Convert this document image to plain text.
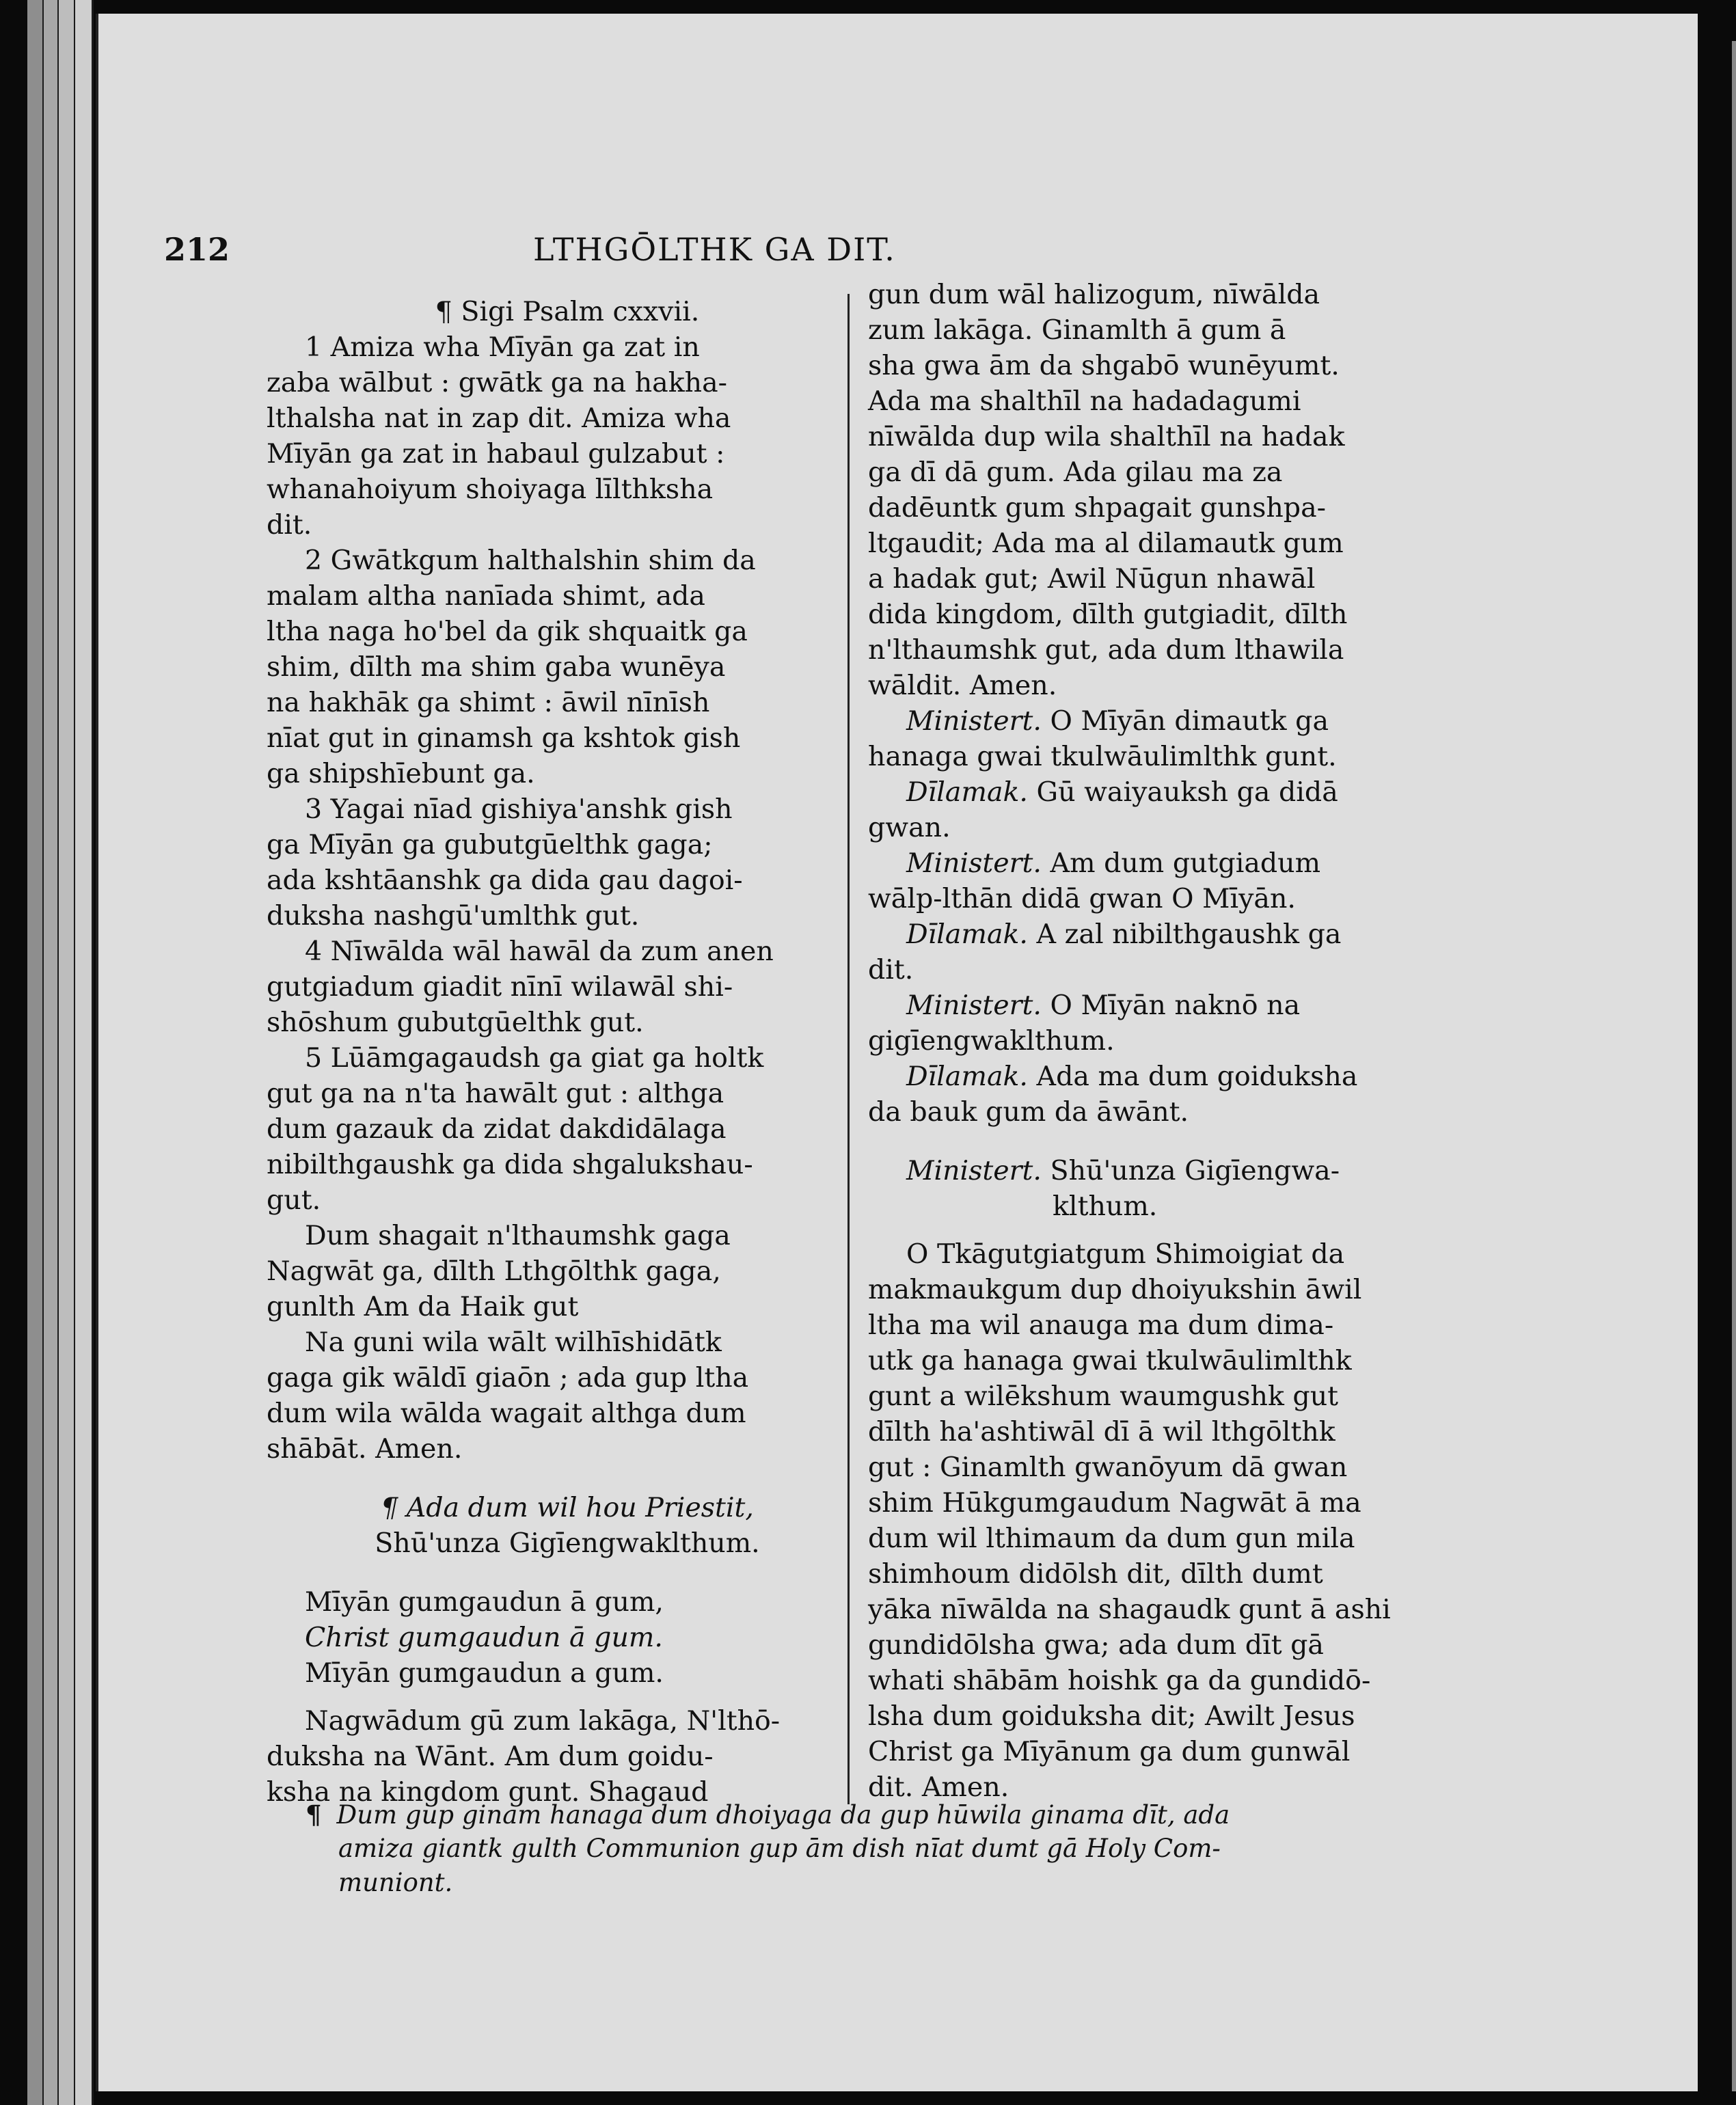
212	LTHGŌLTHK GA DIT.
¶ Sigi Psalm cxxvii.
1 Amiza wha Mīyān ga zat in
zaba wālbut : gwātk ga na hakha-
lthalsha nat in zap dit. Amiza wha
Mīyān ga zat in habaul gulzabut :
whanahoiyum shoiyaga līlthksha
dit.
2 Gwātkgum halthalshin shim da
malam altha nanīada shimt, ada
ltha naga ho'bel da gik shquaitk ga
shim, dīlth ma shim gaba wunēya
na hakhāk ga shimt : āwil nīnīsh
nīat gut in ginamsh ga kshtok gish
ga shipshīebunt ga.
3 Yagai nīad gishiya'anshk gish
ga Mīyān ga gubutgūelthk gaga;
ada kshtāanshk ga dida gau dagoi-
duksha nashgū'umlthk gut.
4 Nīwālda wāl hawāl da zum anen
gutgiadum giadit nīnī wilawāl shi-
shōshum gubutgūelthk gut.
5 Lūāmgagaudsh ga giat ga holtk
gut ga na n'ta hawālt gut : althga
dum gazauk da zidat dakdidālaga
nibilthgaushk ga dida shgalukshau-
gut.
Dum shagait n'lthaumshk gaga
Nagwāt ga, dīlth Lthgōlthk gaga,
gunlth Am da Haik gut
Na guni wila wālt wilhīshidātk
gaga gik wāldī giaōn ; ada gup ltha
dum wila wālda wagait althga dum
shābāt. Amen.
¶ Ada dum wil hou Priestit,
Shū'unza Gigīengwaklthum.
Mīyān gumgaudun ā gum,
Christ gumgaudun ā gum.
Mīyān gumgaudun a gum.
Nagwādum gū zum lakāga, N'lthō-
duksha na Wānt. Am dum goidu-
ksha na kingdom gunt. Shagaud
gun dum wāl halizogum, nīwālda
zum lakāga. Ginamlth ā gum ā
sha gwa ām da shgabō wunēyumt.
Ada ma shalthīl na hadadagumi
nīwālda dup wila shalthīl na hadak
ga dī dā gum. Ada gilau ma za
dadēuntk gum shpagait gunshpa-
ltgaudit; Ada ma al dilamautk gum
a hadak gut; Awil Nūgun nhawāl
dida kingdom, dīlth gutgiadit, dīlth
n'lthaumshk gut, ada dum lthawila
wāldit. Amen.
Ministert. O Mīyān dimautk ga
hanaga gwai tkulwāulimlthk gunt.
Dīlamak. Gū waiyauksh ga didā
gwan.
Ministert. Am dum gutgiadum
wālp-lthān didā gwan O Mīyān.
Dīlamak. A zal nibilthgaushk ga
dit.
Ministert. O Mīyān naknō na
gigīengwaklthum.
Dīlamak. Ada ma dum goiduksha
da bauk gum da āwānt.
Ministert. Shū'unza Gigīengwa-
klthum.
O Tkāgutgiatgum Shimoigiat da
makmaukgum dup dhoiyukshin āwil
ltha ma wil anauga ma dum dima-
utk ga hanaga gwai tkulwāulimlthk
gunt a wilēkshum waumgushk gut
dīlth ha'ashtiwāl dī ā wil lthgōlthk
gut : Ginamlth gwanōyum dā gwan
shim Hūkgumgaudum Nagwāt ā ma
dum wil lthimaum da dum gun mila
shimhoum didōlsh dit, dīlth dumt
yāka nīwālda na shagaudk gunt ā ashi
gundidōlsha gwa; ada dum dīt gā
whati shābām hoishk ga da gundidō-
lsha dum goiduksha dit; Awilt Jesus
Christ ga Mīyānum ga dum gunwāl
dit. Amen.
¶ Dum gup ginam hanaga dum dhoiyaga da gup hūwila ginama dīt, ada
amiza giantk gulth Communion gup ām dish nīat dumt gā Holy Com-
muniont.
